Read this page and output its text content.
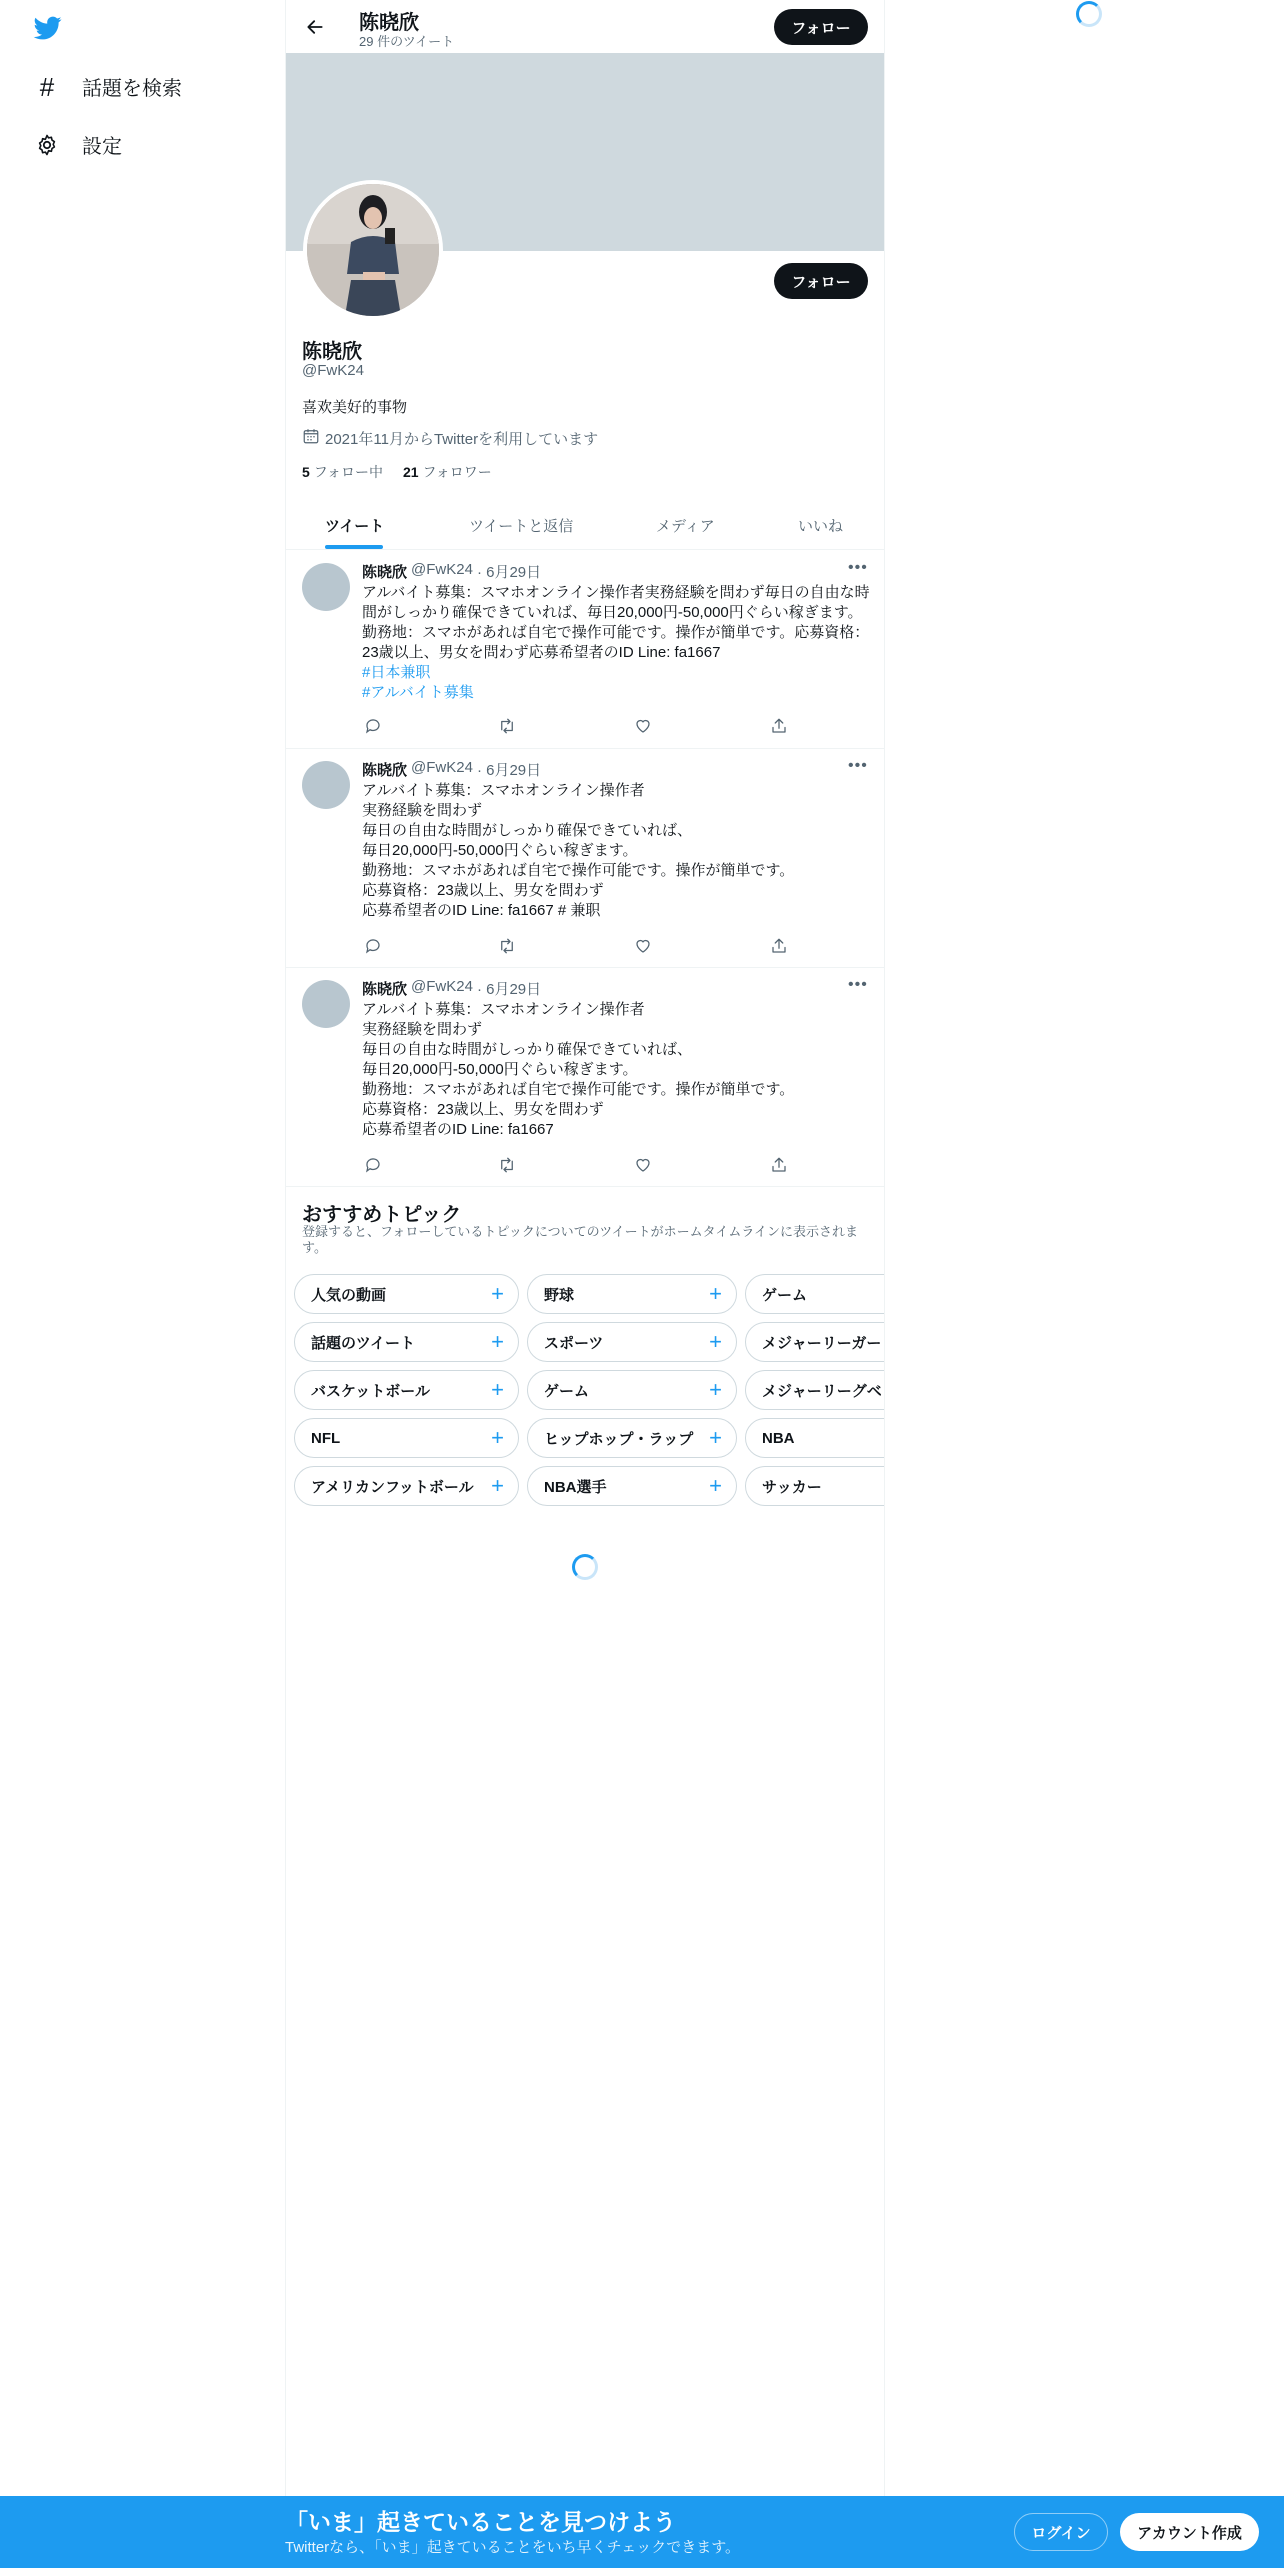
# 話題を検索
設定
陈晓欣
29 件のツイート
フォロー
フォロー
陈晓欣
@FwK24
喜欢美好的事物
2021年11月からTwitterを利用しています
5 フォロー中 21 フォロワー
ツイート	ツイートと返信	メディア	いいね
陈晓欣 @FwK24 · 6月29日	•••
アルバイト募集：スマホオンライン操作者実務経験を問わず毎日の自由な時間がしっかり確保できていれば、毎日20,000円-50,000円ぐらい稼ぎます。勤務地：スマホがあれば自宅で操作可能です。操作が簡単です。応募資格：23歳以上、男女を問わず応募希望者のID Line: fa1667
#日本兼职
#アルバイト募集
陈晓欣 @FwK24 · 6月29日	•••
アルバイト募集：スマホオンライン操作者
実務経験を問わず
毎日の自由な時間がしっかり確保できていれば、
毎日20,000円-50,000円ぐらい稼ぎます。
勤務地：スマホがあれば自宅で操作可能です。操作が簡単です。
応募資格：23歳以上、男女を問わず
応募希望者のID Line: fa1667 # 兼职
陈晓欣 @FwK24 · 6月29日	•••
アルバイト募集：スマホオンライン操作者
実務経験を問わず
毎日の自由な時間がしっかり確保できていれば、
毎日20,000円-50,000円ぐらい稼ぎます。
勤務地：スマホがあれば自宅で操作可能です。操作が簡単です。
応募資格：23歳以上、男女を問わず
応募希望者のID Line: fa1667
おすすめトピック
登録すると、フォローしているトピックについてのツイートがホームタイムラインに表示されます。
人気の動画	+	野球	+	ゲーム
話題のツイート	+	スポーツ	+	メジャーリーガー
バスケットボール	+	ゲーム	+	メジャーリーグベ
NFL	+	ヒップホップ・ラップ +	NBA
アメリカンフットボール +	NBA選手	+	サッカー
「いま」起きていることを見つけよう
Twitterなら、「いま」起きていることをいち早くチェックできます。
ログイン	アカウント作成
